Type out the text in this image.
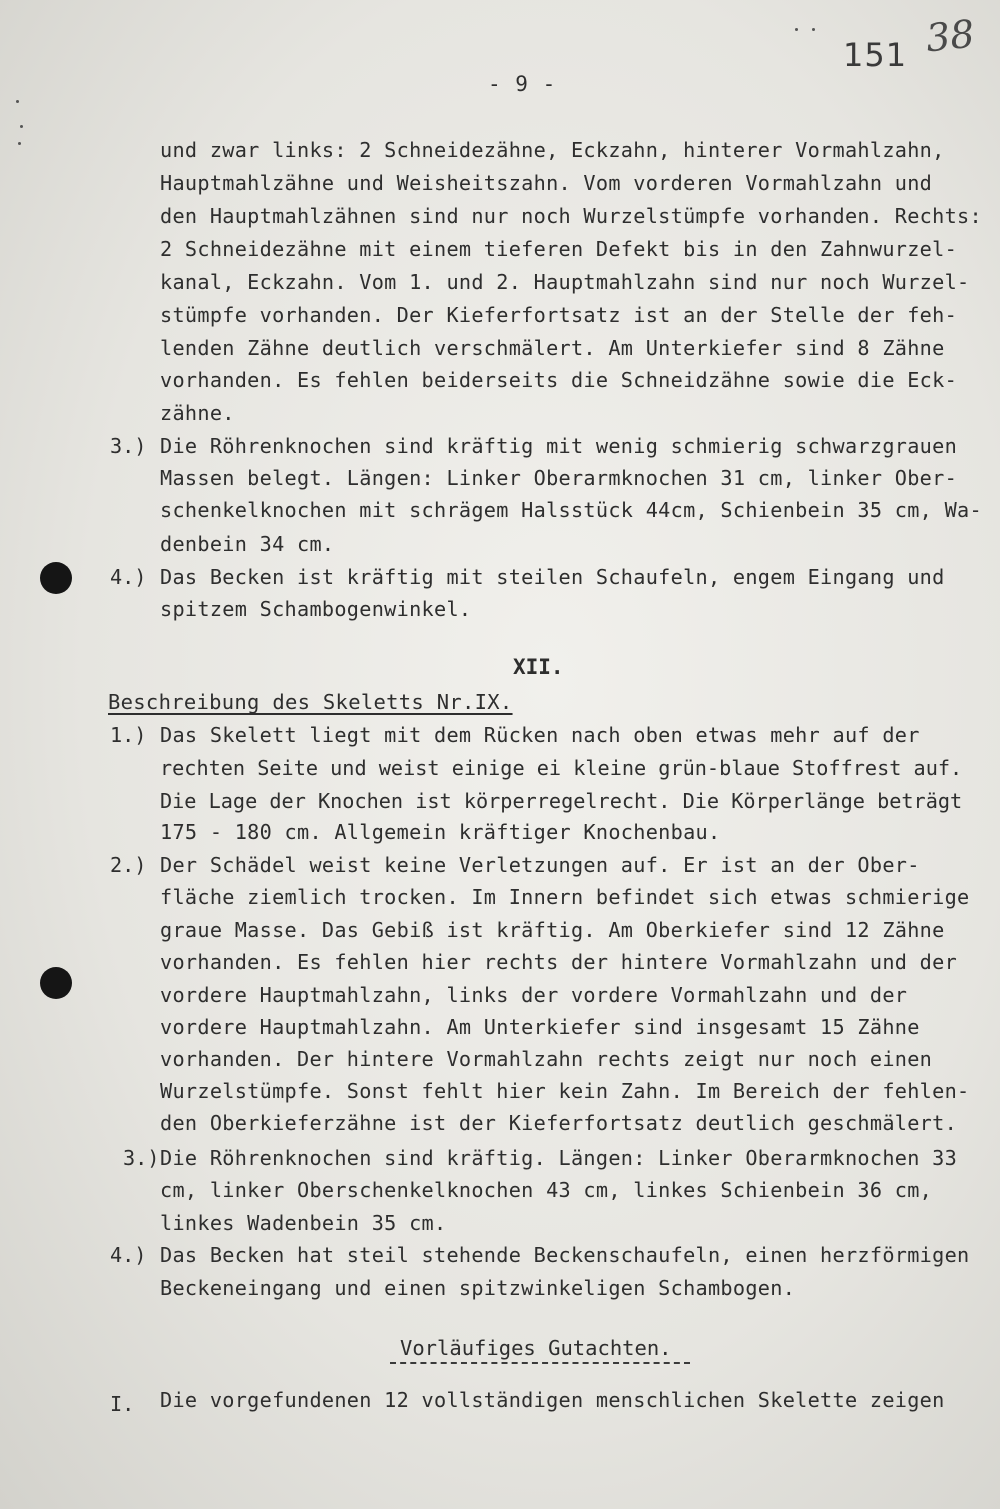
151 38
- 9 -
und zwar links: 2 Schneidezähne, Eckzahn, hinterer Vormahlzahn,
Hauptmahlzähne und Weisheitszahn. Vom vorderen Vormahlzahn und
den Hauptmahlzähnen sind nur noch Wurzelstümpfe vorhanden. Rechts:
2 Schneidezähne mit einem tieferen Defekt bis in den Zahnwurzel-
kanal, Eckzahn. Vom 1. und 2. Hauptmahlzahn sind nur noch Wurzel-
stümpfe vorhanden. Der Kieferfortsatz ist an der Stelle der feh-
lenden Zähne deutlich verschmälert. Am Unterkiefer sind 8 Zähne
vorhanden. Es fehlen beiderseits die Schneidzähne sowie die Eck-
zähne.
3.) Die Röhrenknochen sind kräftig mit wenig schmierig schwarzgrauen
Massen belegt. Längen: Linker Oberarmknochen 31 cm, linker Ober-
schenkelknochen mit schrägem Halsstück 44cm, Schienbein 35 cm, Wa-
denbein 34 cm.
4.) Das Becken ist kräftig mit steilen Schaufeln, engem Eingang und
spitzem Schambogenwinkel.
XII.
Beschreibung des Skeletts Nr.IX.
1.) Das Skelett liegt mit dem Rücken nach oben etwas mehr auf der
rechten Seite und weist einige ei kleine grün-blaue Stoffrest auf.
Die Lage der Knochen ist körperregelrecht. Die Körperlänge beträgt
175 - 180 cm. Allgemein kräftiger Knochenbau.
2.) Der Schädel weist keine Verletzungen auf. Er ist an der Ober-
fläche ziemlich trocken. Im Innern befindet sich etwas schmierige
graue Masse. Das Gebiß ist kräftig. Am Oberkiefer sind 12 Zähne
vorhanden. Es fehlen hier rechts der hintere Vormahlzahn und der
vordere Hauptmahlzahn, links der vordere Vormahlzahn und der
vordere Hauptmahlzahn. Am Unterkiefer sind insgesamt 15 Zähne
vorhanden. Der hintere Vormahlzahn rechts zeigt nur noch einen
Wurzelstümpfe. Sonst fehlt hier kein Zahn. Im Bereich der fehlen-
den Oberkieferzähne ist der Kieferfortsatz deutlich geschmälert.
3.) Die Röhrenknochen sind kräftig. Längen: Linker Oberarmknochen 33
cm, linker Oberschenkelknochen 43 cm, linkes Schienbein 36 cm,
linkes Wadenbein 35 cm.
4.) Das Becken hat steil stehende Beckenschaufeln, einen herzförmigen
Beckeneingang und einen spitzwinkeligen Schambogen.
Vorläufiges Gutachten.
I. Die vorgefundenen 12 vollständigen menschlichen Skelette zeigen
